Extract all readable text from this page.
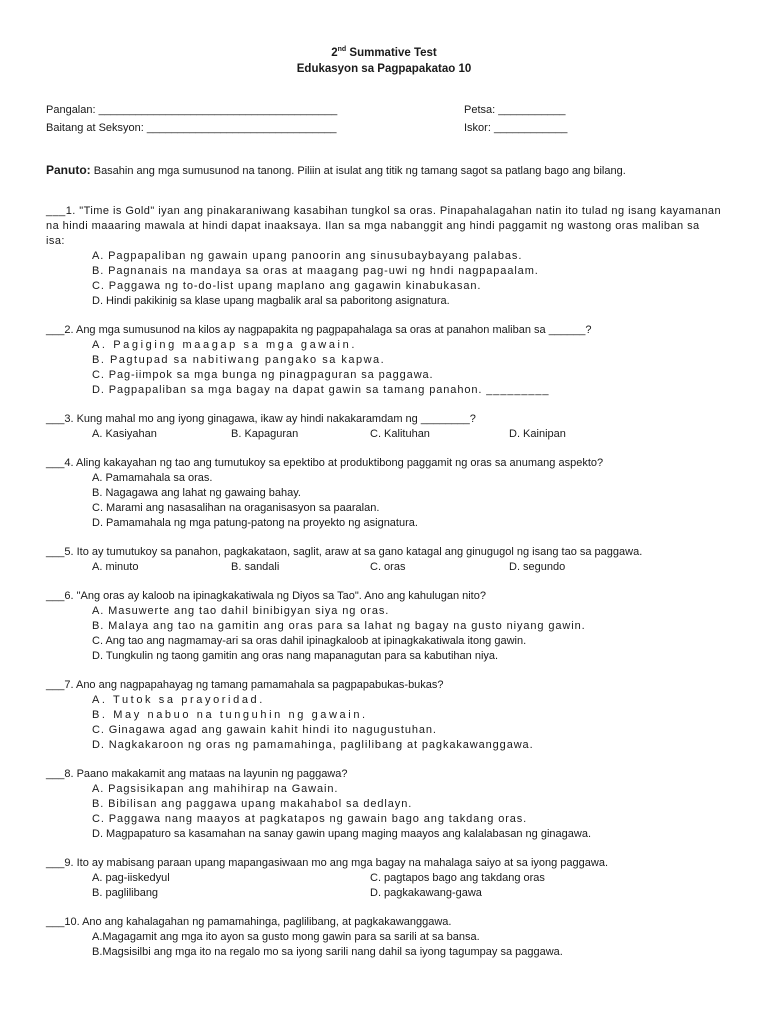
2nd Summative Test
Edukasyon sa Pagpapakatao 10
Pangalan: _______________________________________	Petsa: ___________
Baitang at Seksyon: _______________________________	Iskor: ____________
Panuto: Basahin ang mga sumusunod na tanong. Piliin at isulat ang titik ng tamang sagot sa patlang bago ang bilang.
___1. "Time is Gold" iyan ang pinakaraniwang kasabihan tungkol sa oras. Pinapahalagahan natin ito tulad ng isang kayamanan na hindi maaaring mawala at hindi dapat inaaksaya. Ilan sa mga nabanggit ang hindi paggamit ng wastong oras maliban sa isa:
A. Pagpapaliban ng gawain upang panoorin ang sinusubaybayang palabas.
B. Pagnanais na mandaya sa oras at maagang pag-uwi ng hndi nagpapaalam.
C. Paggawa ng to-do-list upang maplano ang gagawin kinabukasan.
D. Hindi pakikinig sa klase upang magbalik aral sa paboritong asignatura.
___2. Ang mga sumusunod na kilos ay nagpapakita ng pagpapahalaga sa oras at panahon maliban sa ______?
A. Pagiging maagap sa mga gawain.
B. Pagtupad sa nabitiwang pangako sa kapwa.
C. Pag-iimpok sa mga bunga ng pinagpaguran sa paggawa.
D. Pagpapaliban sa mga bagay na dapat gawin sa tamang panahon. _________
___3. Kung mahal mo ang iyong ginagawa, ikaw ay hindi nakakaramdam ng ________?
A. Kasiyahan	B. Kapaguran	C. Kalituhan	D. Kainipan
___4. Aling kakayahan ng tao ang tumutukoy sa epektibo at produktibong paggamit ng oras sa anumang aspekto?
A. Pamamahala sa oras.
B. Nagagawa ang lahat ng gawaing bahay.
C. Marami ang nasasalihan na oraganisasyon sa paaralan.
D. Pamamahala ng mga patung-patong na proyekto ng asignatura.
___5. Ito ay tumutukoy sa panahon, pagkakataon, saglit, araw at sa gano katagal ang ginugugol ng isang tao sa paggawa.
A. minuto	B. sandali	C. oras	D. segundo
___6. "Ang oras ay kaloob na ipinagkakatiwala ng Diyos sa Tao". Ano ang kahulugan nito?
A. Masuwerte ang tao dahil binibigyan siya ng oras.
B. Malaya ang tao na gamitin ang oras para sa lahat ng bagay na gusto niyang gawin.
C. Ang tao ang nagmamay-ari sa oras dahil ipinagkaloob at ipinagkakatiwala itong gawin.
D. Tungkulin ng taong gamitin ang oras nang mapanagutan para sa kabutihan niya.
___7. Ano ang nagpapahayag ng tamang pamamahala sa pagpapabukas-bukas?
A. Tutok sa prayoridad.
B. May nabuo na tunguhin ng gawain.
C. Ginagawa agad ang gawain kahit hindi ito nagugustuhan.
D. Nagkakaroon ng oras ng pamamahinga, paglilibang at pagkakawanggawa.
___8. Paano makakamit ang mataas na layunin ng paggawa?
A. Pagsisikapan ang mahihirap na Gawain.
B. Bibilisan ang paggawa upang makahabol sa dedlayn.
C. Paggawa nang maayos at pagkatapos ng gawain bago ang takdang oras.
D. Magpapaturo sa kasamahan na sanay gawin upang maging maayos ang kalalabasan ng ginagawa.
___9. Ito ay mabisang paraan upang mapangasiwaan mo ang mga bagay na mahalaga saiyo at sa iyong paggawa.
A. pag-iiskedyul	C. pagtapos bago ang takdang oras
B. paglilibang	D. pagkakawang-gawa
___10. Ano ang kahalagahan ng pamamahinga, paglilibang, at pagkakawanggawa.
A.Magagamit ang mga ito ayon sa gusto mong gawin para sa sarili at sa bansa.
B.Magsisilbi ang mga ito na regalo mo sa iyong sarili nang dahil sa iyong tagumpay sa paggawa.
